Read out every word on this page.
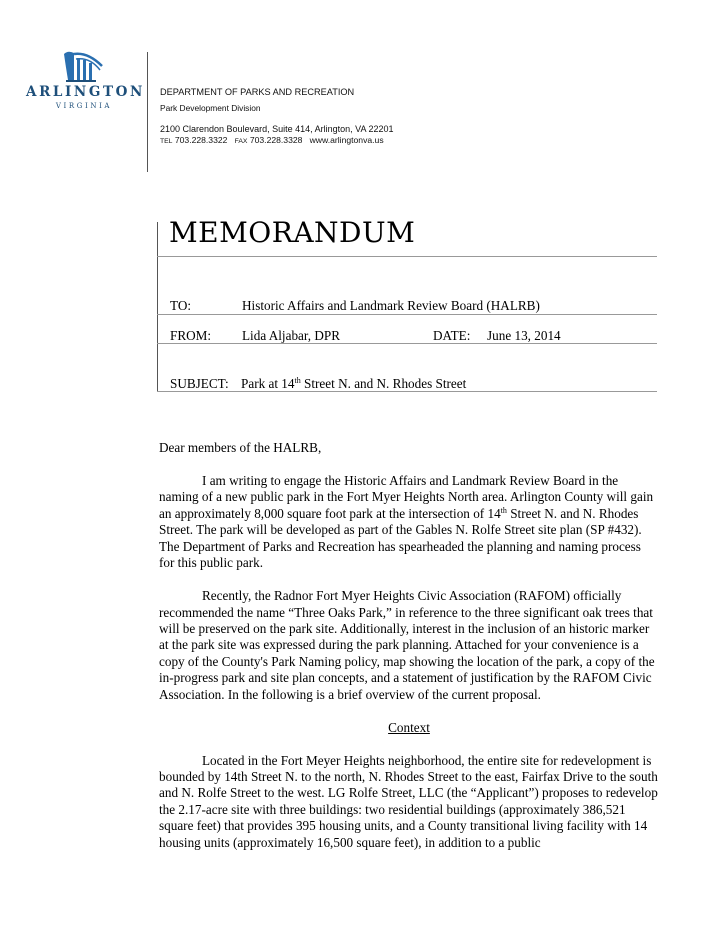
ARLINGTON
VIRGINIA
DEPARTMENT OF PARKS AND RECREATION
Park Development Division
2100 Clarendon Boulevard, Suite 414, Arlington, VA 22201
TEL 703.228.3322 FAX 703.228.3328 www.arlingtonva.us
MEMORANDUM
TO:	Historic Affairs and Landmark Review Board (HALRB)
FROM: Lida Aljabar, DPR	DATE: June 13, 2014
SUBJECT: Park at 14th Street N. and N. Rhodes Street

Dear members of the HALRB,

I am writing to engage the Historic Affairs and Landmark Review Board in the naming of a new public park in the Fort Myer Heights North area. Arlington County will gain an approximately 8,000 square foot park at the intersection of 14th Street N. and N. Rhodes Street. The park will be developed as part of the Gables N. Rolfe Street site plan (SP #432). The Department of Parks and Recreation has spearheaded the planning and naming process for this public park.

Recently, the Radnor Fort Myer Heights Civic Association (RAFOM) officially recommended the name “Three Oaks Park,” in reference to the three significant oak trees that will be preserved on the park site. Additionally, interest in the inclusion of an historic marker at the park site was expressed during the park planning. Attached for your convenience is a copy of the County's Park Naming policy, map showing the location of the park, a copy of the in-progress park and site plan concepts, and a statement of justification by the RAFOM Civic Association. In the following is a brief overview of the current proposal.

Context

Located in the Fort Meyer Heights neighborhood, the entire site for redevelopment is bounded by 14th Street N. to the north, N. Rhodes Street to the east, Fairfax Drive to the south and N. Rolfe Street to the west. LG Rolfe Street, LLC (the “Applicant”) proposes to redevelop the 2.17-acre site with three buildings: two residential buildings (approximately 386,521 square feet) that provides 395 housing units, and a County transitional living facility with 14 housing units (approximately 16,500 square feet), in addition to a public
